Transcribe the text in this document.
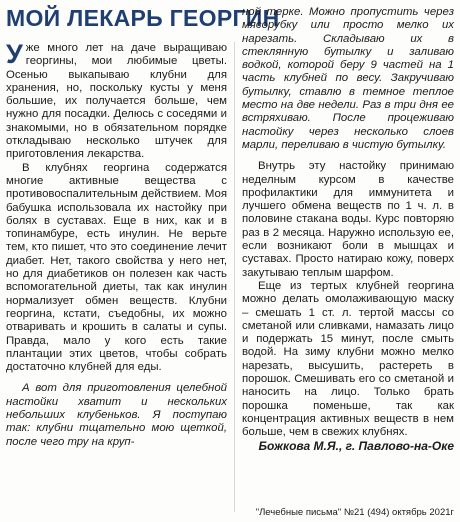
МОЙ ЛЕКАРЬ ГЕОРГИН

Уже много лет на даче выращиваю георгины, мои любимые цветы. Осенью выкапываю клубни для хранения, но, поскольку кусты у меня большие, их получается больше, чем нужно для посадки. Делюсь с соседями и знакомыми, но в обязательном порядке откладываю несколько штучек для приготовления лекарства.

В клубнях георгина содержатся многие активные вещества с противовоспалительным действием. Моя бабушка использовала их настойку при болях в суставах. Еще в них, как и в топинамбуре, есть инулин. Не верьте тем, кто пишет, что это соединение лечит диабет. Нет, такого свойства у него нет, но для диабетиков он полезен как часть вспомогательной диеты, так как инулин нормализует обмен веществ. Клубни георгина, кстати, съедобны, их можно отваривать и крошить в салаты и супы. Правда, мало у кого есть такие плантации этих цветов, чтобы собрать достаточно клубней для еды.

А вот для приготовления целебной настойки хватит и нескольких небольших клубеньков. Я поступаю так: клубни тщательно мою щеткой, после чего тру на круп-

ной терке. Можно пропустить через мясорубку или просто мелко их нарезать. Складываю их в стеклянную бутылку и заливаю водкой, которой беру 9 частей на 1 часть клубней по весу. Закручиваю бутылку, ставлю в темное теплое место на две недели. Раз в три дня ее встряхиваю. После процеживаю настойку через несколько слоев марли, переливаю в чистую бутылку.

Внутрь эту настойку принимаю неделным курсом в качестве профилактики для иммунитета и лучшего обмена веществ по 1 ч. л. в половине стакана воды. Курс повторяю раз в 2 месяца. Наружно использую ее, если возникают боли в мышцах и суставах. Просто натираю кожу, поверх закутываю теплым шарфом.

Еще из тертых клубней георгина можно делать омолаживающую маску – смешать 1 ст. л. тертой массы со сметаной или сливками, намазать лицо и подержать 15 минут, после смыть водой. На зиму клубни можно мелко нарезать, высушить, растереть в порошок. Смешивать его со сметаной и наносить на лицо. Только брать порошка поменьше, так как концентрация активных веществ в нем больше, чем в свежих клубнях.

Божкова М.Я., г. Павлово-на-Оке

"Лечебные письма" №21 (494) октябрь 2021г
